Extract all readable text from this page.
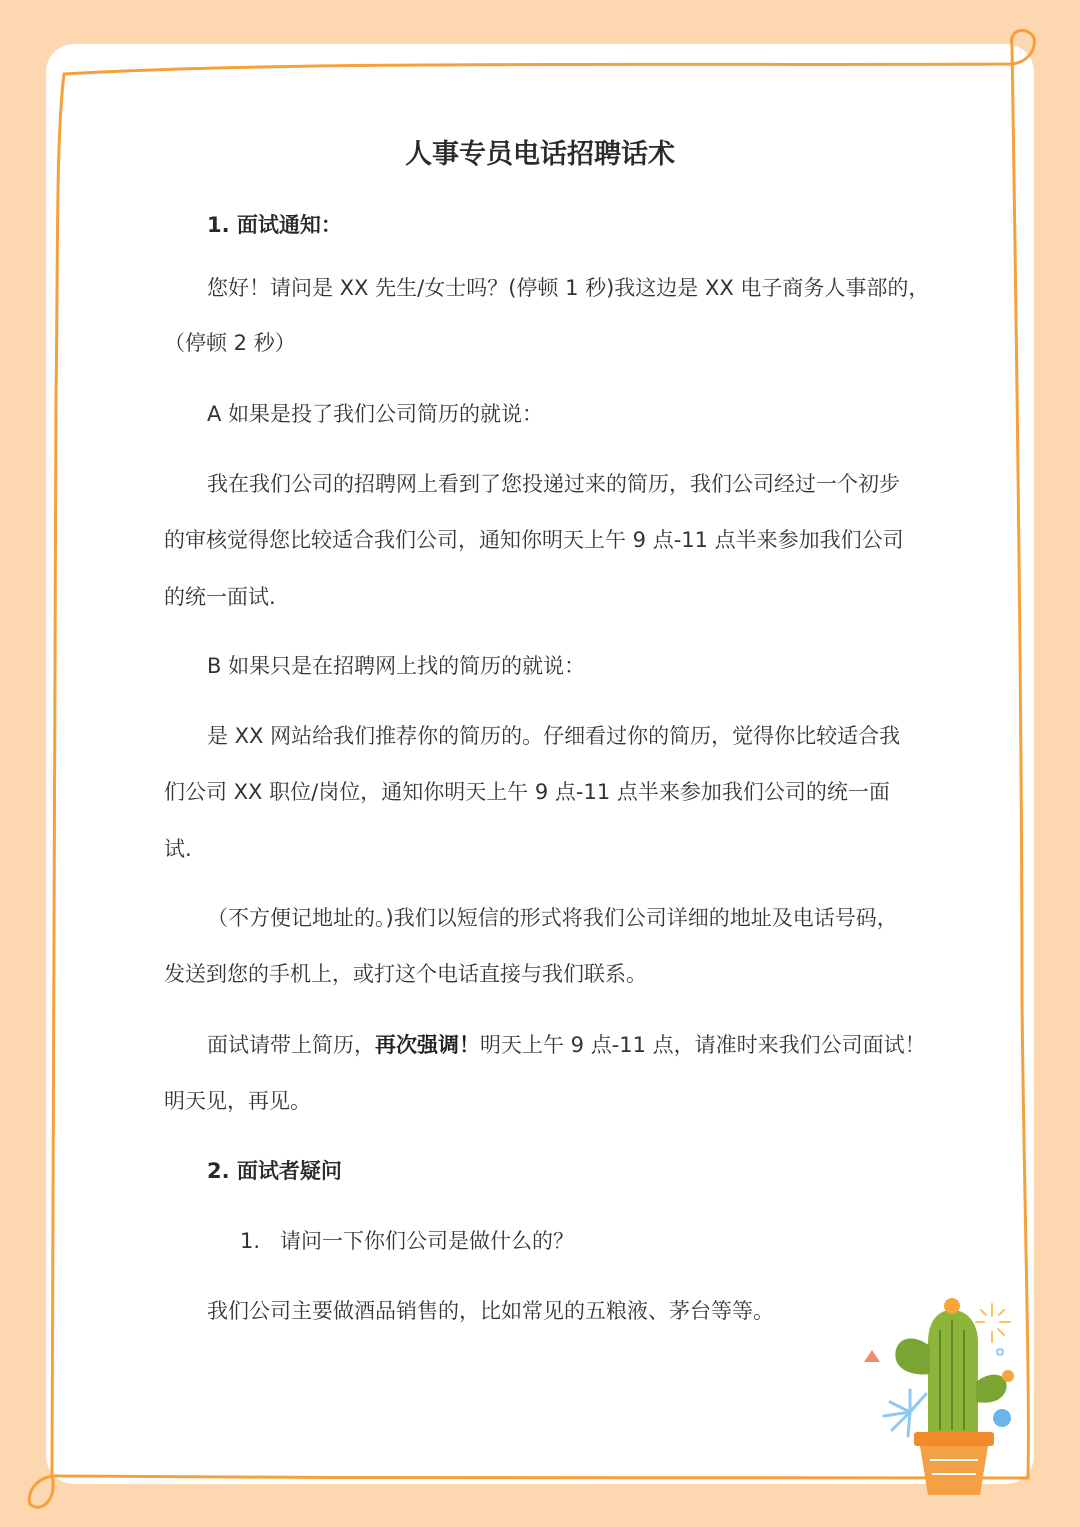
人事专员电话招聘话术

1. 面试通知：

您好！请问是 XX 先生/女士吗？(停顿 1 秒)我这边是 XX 电子商务人事部的，

（停顿 2 秒）

A 如果是投了我们公司简历的就说：

我在我们公司的招聘网上看到了您投递过来的简历，我们公司经过一个初步

的审核觉得您比较适合我们公司，通知你明天上午 9 点-11 点半来参加我们公司

的统一面试.

B 如果只是在招聘网上找的简历的就说：

是 XX 网站给我们推荐你的简历的。仔细看过你的简历，觉得你比较适合我

们公司 XX 职位/岗位，通知你明天上午 9 点-11 点半来参加我们公司的统一面

试.

（不方便记地址的。)我们以短信的形式将我们公司详细的地址及电话号码，

发送到您的手机上，或打这个电话直接与我们联系。

面试请带上简历，再次强调！明天上午 9 点-11 点，请准时来我们公司面试！

明天见，再见。

2. 面试者疑问

1. 请问一下你们公司是做什么的？

我们公司主要做酒品销售的，比如常见的五粮液、茅台等等。
